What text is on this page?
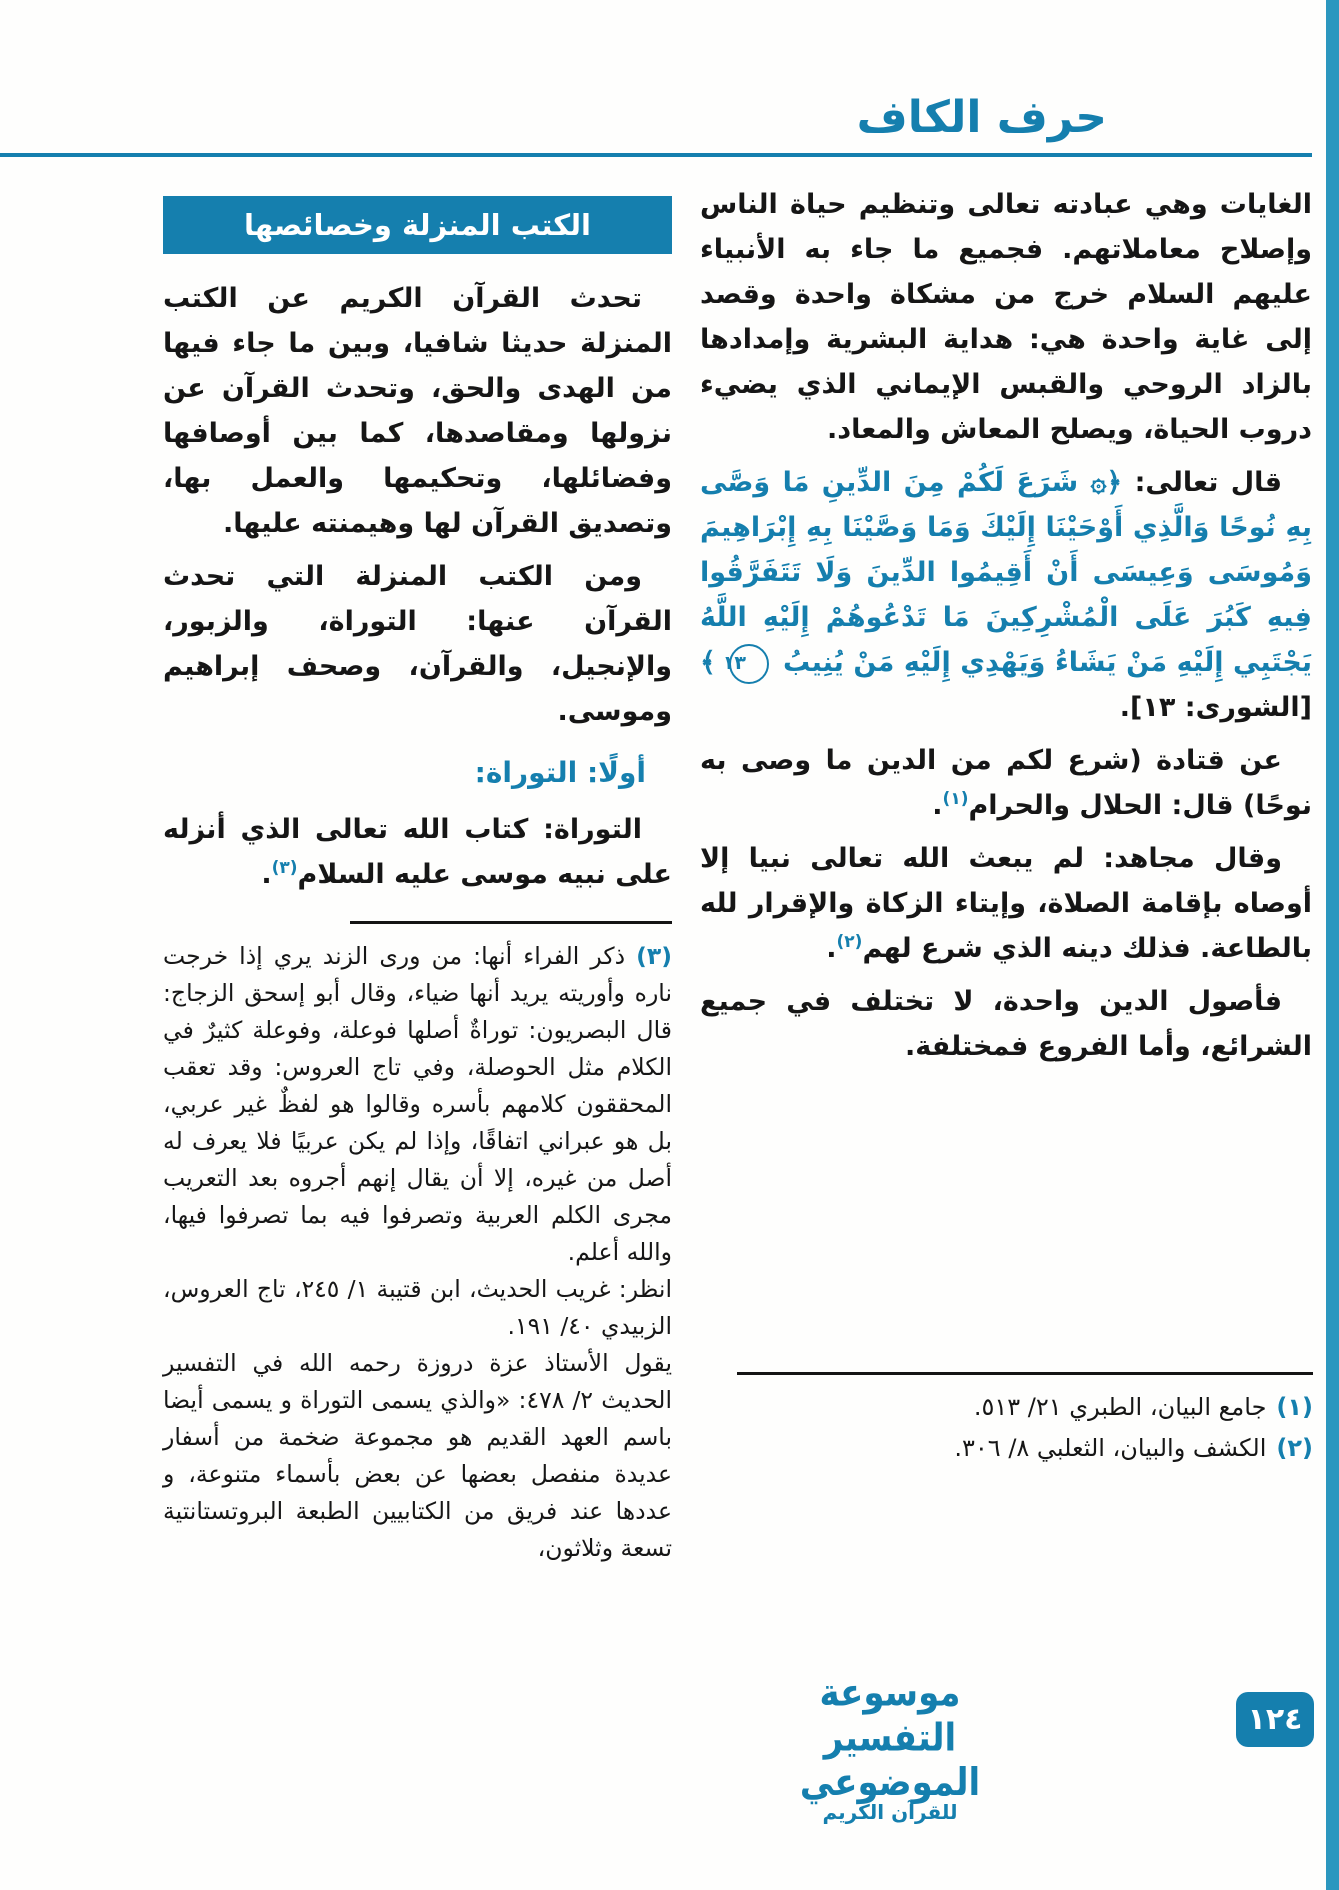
حرف الكاف

الغايات وهي عبادته تعالى وتنظيم حياة الناس وإصلاح معاملاتهم. فجميع ما جاء به الأنبياء عليهم السلام خرج من مشكاة واحدة وقصد إلى غاية واحدة هي: هداية البشرية وإمدادها بالزاد الروحي والقبس الإيماني الذي يضيء دروب الحياة، ويصلح المعاش والمعاد.

قال تعالى: ﴿۞ شَرَعَ لَكُمْ مِنَ الدِّينِ مَا وَصَّى بِهِ نُوحًا وَالَّذِي أَوْحَيْنَا إِلَيْكَ وَمَا وَصَّيْنَا بِهِ إِبْرَاهِيمَ وَمُوسَى وَعِيسَى أَنْ أَقِيمُوا الدِّينَ وَلَا تَتَفَرَّقُوا فِيهِ كَبُرَ عَلَى الْمُشْرِكِينَ مَا تَدْعُوهُمْ إِلَيْهِ اللَّهُ يَجْتَبِي إِلَيْهِ مَنْ يَشَاءُ وَيَهْدِي إِلَيْهِ مَنْ يُنِيبُ ١٣ ﴾ [الشورى: ١٣].

عن قتادة (شرع لكم من الدين ما وصى به نوحًا) قال: الحلال والحرام$^{(١)}$.

وقال مجاهد: لم يبعث الله تعالى نبيا إلا أوصاه بإقامة الصلاة، وإيتاء الزكاة والإقرار لله بالطاعة. فذلك دينه الذي شرع لهم$^{(٢)}$.

فأصول الدين واحدة، لا تختلف في جميع الشرائع، وأما الفروع فمختلفة.

الكتب المنزلة وخصائصها

تحدث القرآن الكريم عن الكتب المنزلة حديثا شافيا، وبين ما جاء فيها من الهدى والحق، وتحدث القرآن عن نزولها ومقاصدها، كما بين أوصافها وفضائلها، وتحكيمها والعمل بها، وتصديق القرآن لها وهيمنته عليها.

ومن الكتب المنزلة التي تحدث القرآن عنها: التوراة، والزبور، والإنجيل، والقرآن، وصحف إبراهيم وموسى.

أولًا: التوراة:

التوراة: كتاب الله تعالى الذي أنزله على نبيه موسى عليه السلام$^{(٣)}$.

(٣) ذكر الفراء أنها: من ورى الزند يري إذا خرجت ناره وأوريته يريد أنها ضياء، وقال أبو إسحق الزجاج: قال البصريون: توراةٌ أصلها فوعلة، وفوعلة كثيرٌ في الكلام مثل الحوصلة، وفي تاج العروس: وقد تعقب المحققون كلامهم بأسره وقالوا هو لفظٌ غير عربي، بل هو عبراني اتفاقًا، وإذا لم يكن عربيًا فلا يعرف له أصل من غيره، إلا أن يقال إنهم أجروه بعد التعريب مجرى الكلم العربية وتصرفوا فيه بما تصرفوا فيها، والله أعلم.

انظر: غريب الحديث، ابن قتيبة ١/ ٢٤٥، تاج العروس، الزبيدي ٤٠/ ١٩١.

يقول الأستاذ عزة دروزة رحمه الله في التفسير الحديث ٢/ ٤٧٨: «والذي يسمى التوراة و يسمى أيضا باسم العهد القديم هو مجموعة ضخمة من أسفار عديدة منفصل بعضها عن بعض بأسماء متنوعة، و عددها عند فريق من الكتابيين الطبعة البروتستانتية تسعة وثلاثون،

(١)جامع البيان، الطبري ٢١/ ٥١٣.
(٢)الكشف والبيان، الثعلبي ٨/ ٣٠٦.
موسوعة التفسير الموضوعي
للقرآن الكريم
١٢٤
